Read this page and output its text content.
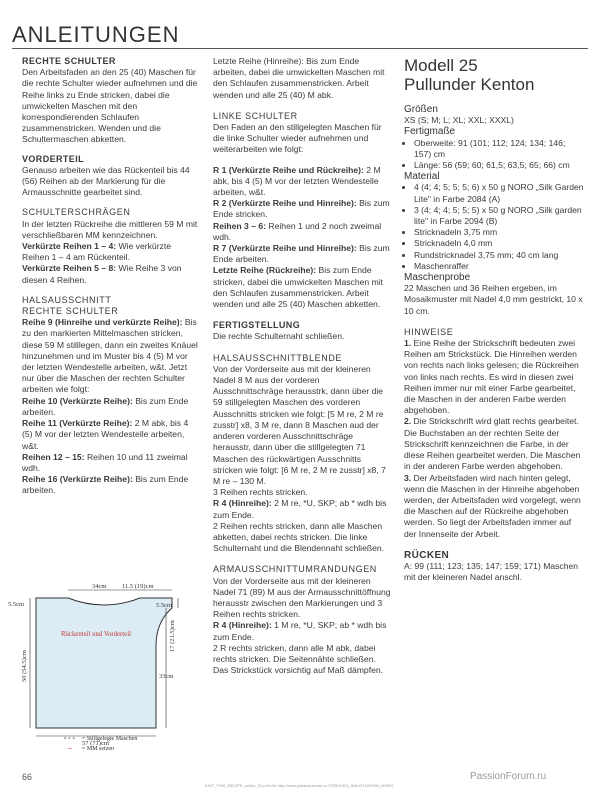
ANLEITUNGEN

RECHTE SCHULTER

Den Arbeitsfaden an den 25 (40) Maschen für die rechte Schulter wieder aufnehmen und die Reihe links zu Ende stricken, dabei die umwickelten Maschen mit den korrespondierenden Schlaufen zusammenstricken. Wenden und die Schultermaschen abketten.

VORDERTEIL

Genauso arbeiten wie das Rückenteil bis 44 (56) Reihen ab der Markierung für die Armausschnitte gearbeitet sind.

SCHULTERSCHRÄGEN

In der letzten Rückreihe die mittleren 59 M mit verschließbaren MM kennzeichnen.

Verkürzte Reihen 1 – 4: Wie verkürzte Reihen 1 – 4 am Rückenteil.

Verkürzte Reihen 5 – 8: Wie Reihe 3 von diesen 4 Reihen.

HALSAUSSCHNITT

RECHTE SCHULTER

Reihe 9 (Hinreihe und verkürzte Reihe): Bis zu den markierten Mittelmaschen stricken, diese 59 M stilllegen, dann ein zweites Knäuel hinzunehmen und im Muster bis 4 (5) M vor der letzten Wendestelle arbeiten, w&t. Jetzt nur über die Maschen der rechten Schulter arbeiten wie folgt:

Reihe 10 (Verkürzte Reihe): Bis zum Ende arbeiten.

Reihe 11 (Verkürzte Reihe): 2 M abk, bis 4 (5) M vor der letzten Wendestelle arbeiten, w&t.

Reihen 12 – 15: Reihen 10 und 11 zweimal wdh.

Reihe 16 (Verkürzte Reihe): Bis zum Ende arbeiten.

34cm 11.5 (19)cm
5.5cm	5.5cm
50 (54.5)cm
17 (21.5)cm
33cm
Rückenteil und Vorderteil
57 (71)cm
- - - = Stillgelegte Maschen
– = MM setzen

Letzte Reihe (Hinreihe): Bis zum Ende arbeiten, dabei die umwickelten Maschen mit den Schlaufen zusammenstricken. Arbeit wenden und alle 25 (40) M abk.

LINKE SCHULTER

Den Faden an den stillgelegten Maschen für die linke Schulter wieder aufnehmen und weiterarbeiten wie folgt:

R 1 (Verkürzte Reihe und Rückreihe): 2 M abk, bis 4 (5) M vor der letzten Wendestelle arbeiten, w&t.

R 2 (Verkürzte Reihe und Hinreihe): Bis zum Ende stricken.

Reihen 3 – 6: Reihen 1 und 2 noch zweimal wdh.

R 7 (Verkürzte Reihe und Hinreihe): Bis zum Ende arbeiten.

Letzte Reihe (Rückreihe): Bis zum Ende stricken, dabei die umwickelten Maschen mit den Schlaufen zusammenstricken. Arbeit wenden und alle 25 (40) Maschen abketten.

FERTIGSTELLUNG

Die rechte Schulternaht schließen.

HALSAUSSCHNITTBLENDE

Von der Vorderseite aus mit der kleineren Nadel 8 M aus der vorderen Ausschnittschräge herausstrk, dann über die 59 stillgelegten Maschen des vorderen Ausschnitts stricken wie folgt: [5 M re, 2 M re zusstr] x8, 3 M re, dann 8 Maschen aud der anderen vorderen Ausschnittschräge herausstr, dann über die stillgelegten 71 Maschen des rückwärtigen Ausschnitts stricken wie folgt: [6 M re, 2 M re zusstr] x8, 7 M re – 130 M.

3 Reihen rechts stricken.

R 4 (Hinreihe): 2 M re, *U, SKP; ab * wdh bis zum Ende.

2 Reihen rechts stricken, dann alle Maschen abketten, dabei rechts stricken. Die linke Schulternaht und die Blendennaht schließen.

ARMAUSSCHNITTUMRANDUNGEN

Von der Vorderseite aus mit der kleineren Nadel 71 (89) M aus der Armausschnittöffnung herausstr zwischen den Markierungen und 3 Reihen rechts stricken.

R 4 (Hinreihe): 1 M re, *U, SKP; ab * wdh bis zum Ende.

2 R rechts stricken, dann alle M abk, dabei rechts stricken. Die Seitennähte schließen. Das Strickstück vorsichtig auf Maß dämpfen.

Modell 25

Pullunder Kenton

Größen

XS (S; M; L; XL; XXL; XXXL)

Fertigmaße

• Oberweite: 91 (101; 112; 124; 134; 146; 157) cm
• Länge: 56 (59; 60; 61,5; 63,5; 65; 66) cm

Material

• 4 (4; 4; 5; 5; 5; 6) x 50 g NORO „Silk Garden Lite" in Farbe 2084 (A)
• 3 (4; 4; 4; 5; 5; 5) x 50 g NORO „Silk garden lite" in Farbe 2094 (B)
• Stricknadeln 3,75 mm
• Stricknadeln 4,0 mm
• Rundstricknadel 3,75 mm; 40 cm lang
• Maschenraffer

Maschenprobe

22 Maschen und 36 Reihen ergeben, im Mosaikmuster mit Nadel 4,0 mm gestrickt, 10 x 10 cm.

HINWEISE

1. Eine Reihe der Strickschrift bedeuten zwei Reihen am Strickstück. Die Hinreihen werden von rechts nach links gelesen; die Rückreihen von links nach rechts. Es wird in diesen zwei Reihen immer nur mit einer Farbe gearbeitet, die Maschen in der anderen Farbe werden abgehoben.

2. Die Strickschrift wird glatt rechts gearbeitet. Die Buchstaben an der rechten Seite der Strickschrift kennzeichnen die Farbe, in der diese Reihen gearbeitet werden. Die Maschen in der anderen Farbe werden abgehoben.

3. Der Arbeitsfaden wird nach hinten gelegt, wenn die Maschen in der Hinreihe abgehoben werden, der Arbeitsfaden wird vorgelegt, wenn die Maschen auf der Rückreihe abgehoben werden. So liegt der Arbeitsfaden immer auf der Innenseite der Arbeit.

RÜCKEN

A: 99 (111; 123; 135; 147; 159; 171) Maschen mit der kleineren Nadel anschl.

66
KNIT_THIS_RECIPE_online_01.pdf Uhr http://www.passion-forum.ru STRICKEN_ANLEITUNGEN_NORO
PassionForum.ru
